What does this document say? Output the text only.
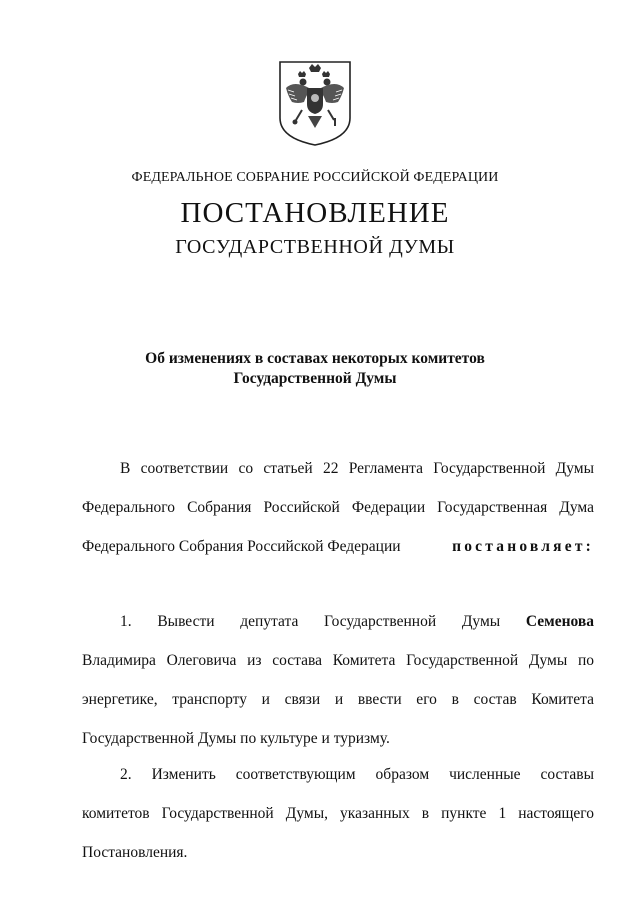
ФЕДЕРАЛЬНОЕ СОБРАНИЕ РОССИЙСКОЙ ФЕДЕРАЦИИ
ПОСТАНОВЛЕНИЕ
ГОСУДАРСТВЕННОЙ ДУМЫ
Об изменениях в составах некоторых комитетов
Государственной Думы
В соответствии со статьей 22 Регламента Государственной Думы
Федерального Собрания Российской Федерации Государственная Дума
Федерального Собрания Российской Федерации	постановляет:
1. Вывести депутата Государственной Думы Семенова
Владимира Олеговича из состава Комитета Государственной Думы по
энергетике, транспорту и связи и ввести его в состав Комитета
Государственной Думы по культуре и туризму.
2. Изменить соответствующим образом численные составы
комитетов Государственной Думы, указанных в пункте 1 настоящего
Постановления.
